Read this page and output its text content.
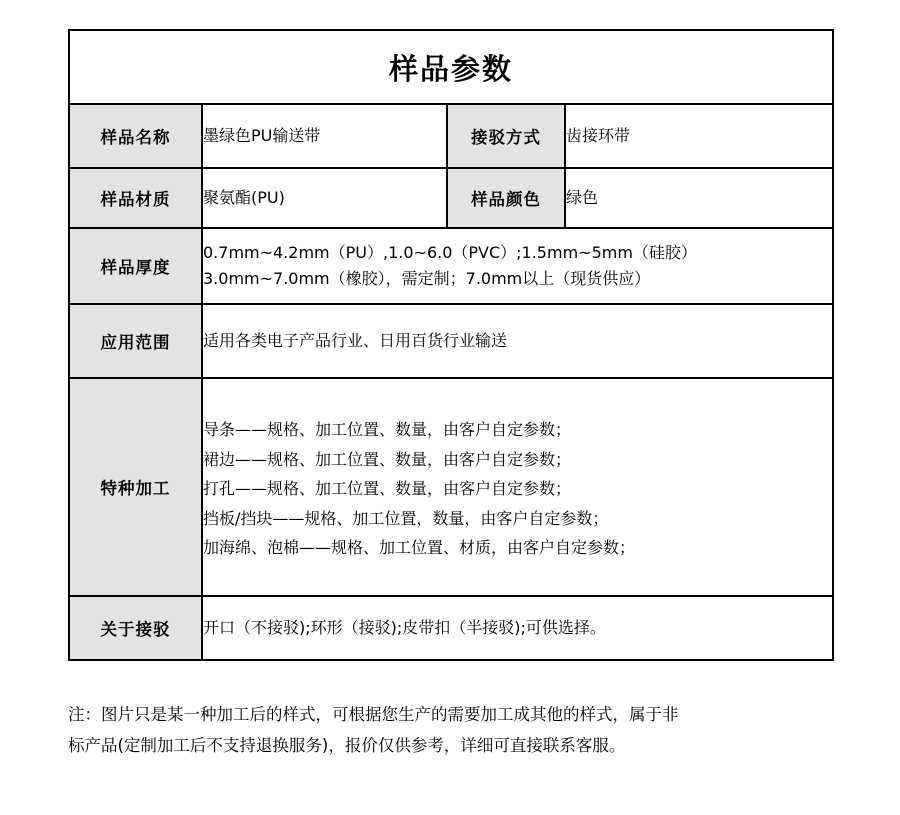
样品参数			
样品名称	墨绿色PU输送带	接驳方式	齿接环带
样品材质	聚氨酯(PU)	样品颜色	绿色
样品厚度	0.7mm~4.2mm（PU）,1.0~6.0（PVC）;1.5mm~5mm（硅胶）
3.0mm~7.0mm（橡胶），需定制；7.0mm以上（现货供应）		

应用范围	适用各类电子产品行业、日用百货行业输送		
特种加工	导条——规格、加工位置、数量，由客户自定参数；
裙边——规格、加工位置、数量，由客户自定参数；
打孔——规格、加工位置、数量，由客户自定参数；
挡板/挡块——规格、加工位置，数量，由客户自定参数；
加海绵、泡棉——规格、加工位置、材质，由客户自定参数；		

关于接驳	开口（不接驳);环形（接驳);皮带扣（半接驳);可供选择。		
注：图片只是某一种加工后的样式，可根据您生产的需要加工成其他的样式，属于非
标产品(定制加工后不支持退换服务)，报价仅供参考，详细可直接联系客服。
